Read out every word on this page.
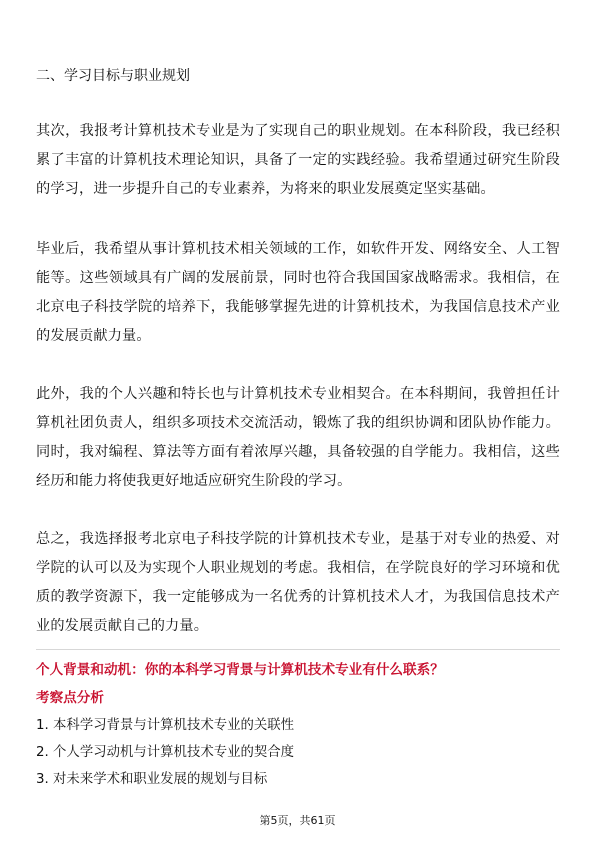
二、学习目标与职业规划

其次，我报考计算机技术专业是为了实现自己的职业规划。在本科阶段，我已经积累了丰富的计算机技术理论知识，具备了一定的实践经验。我希望通过研究生阶段的学习，进一步提升自己的专业素养，为将来的职业发展奠定坚实基础。

毕业后，我希望从事计算机技术相关领域的工作，如软件开发、网络安全、人工智能等。这些领域具有广阔的发展前景，同时也符合我国国家战略需求。我相信，在北京电子科技学院的培养下，我能够掌握先进的计算机技术，为我国信息技术产业的发展贡献力量。

此外，我的个人兴趣和特长也与计算机技术专业相契合。在本科期间，我曾担任计算机社团负责人，组织多项技术交流活动，锻炼了我的组织协调和团队协作能力。同时，我对编程、算法等方面有着浓厚兴趣，具备较强的自学能力。我相信，这些经历和能力将使我更好地适应研究生阶段的学习。

总之，我选择报考北京电子科技学院的计算机技术专业，是基于对专业的热爱、对学院的认可以及为实现个人职业规划的考虑。我相信，在学院良好的学习环境和优质的教学资源下，我一定能够成为一名优秀的计算机技术人才，为我国信息技术产业的发展贡献自己的力量。

个人背景和动机：你的本科学习背景与计算机技术专业有什么联系？

考察点分析

1. 本科学习背景与计算机技术专业的关联性
2. 个人学习动机与计算机技术专业的契合度
3. 对未来学术和职业发展的规划与目标
第5页，共61页
